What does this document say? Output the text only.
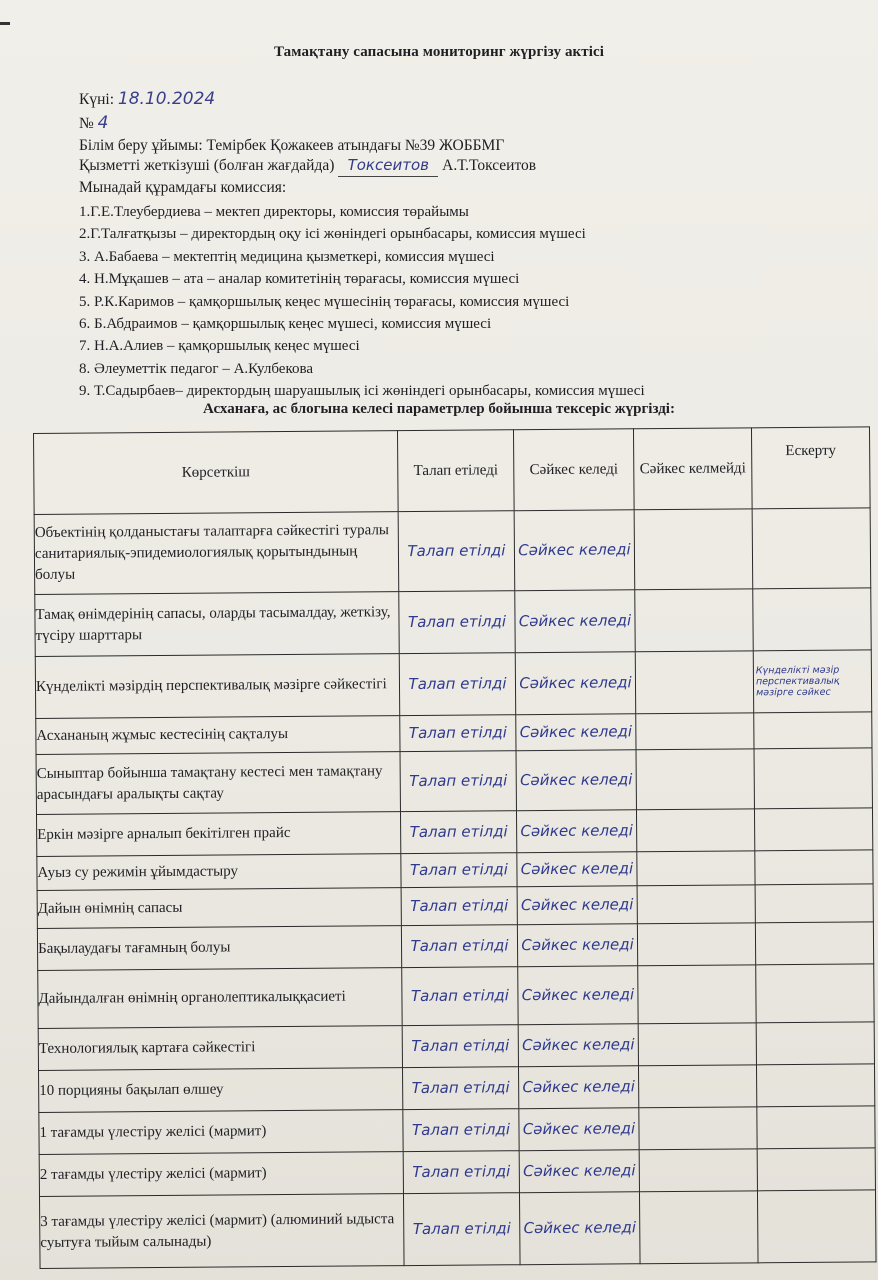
Тамақтану сапасына мониторинг жүргізу актісі
Күні: 18.10.2024
№ 4
Білім беру ұйымы: Темірбек Қожакеев атындағы №39 ЖОББМГ
Қызметті жеткізуші (болған жағдайда) Токсеитов А.Т.Токсеитов
Мынадай құрамдағы комиссия:
1.Г.Е.Тлеубердиева – мектеп директоры, комиссия төрайымы
2.Г.Талғатқызы – директордың оқу ісі жөніндегі орынбасары, комиссия мүшесі
3. А.Бабаева – мектептің медицина қызметкері, комиссия мүшесі
4. Н.Мұқашев – ата – аналар комитетінің төрағасы, комиссия мүшесі
5. Р.К.Каримов – қамқоршылық кеңес мүшесінің төрағасы, комиссия мүшесі
6. Б.Абдраимов – қамқоршылық кеңес мүшесі, комиссия мүшесі
7. Н.А.Алиев – қамқоршылық кеңес мүшесі
8. Әлеуметтік педагог – А.Кулбекова
9. Т.Садырбаев– директордың шаруашылық ісі жөніндегі орынбасары, комиссия мүшесі
Асханаға, ас блогына келесі параметрлер бойынша тексеріс жүргізді:
Көрсеткіш	Талап етіледі	Сәйкес келеді	Сәйкес келмейді	Ескерту
Объектінің қолданыстағы талаптарға сәйкестігі туралы санитариялық-эпидемиологиялық қорытындының болуы	Талап етілді	Сәйкес келеді		

Тамақ өнімдерінің сапасы, оларды тасымалдау, жеткізу, түсіру шарттары	Талап етілді	Сәйкес келеді		

Күнделікті мәзірдің перспективалық мәзірге сәйкестігі	Талап етілді	Сәйкес келеді		Күнделікті мәзір перспективалық мәзірге сәйкес

Асхананың жұмыс кестесінің сақталуы	Талап етілді	Сәйкес келеді		

Сыныптар бойынша тамақтану кестесі мен тамақтану арасындағы аралықты сақтау	Талап етілді	Сәйкес келеді		

Еркін мәзірге арналып бекітілген прайс	Талап етілді	Сәйкес келеді		

Ауыз су режимін ұйымдастыру	Талап етілді	Сәйкес келеді		

Дайын өнімнің сапасы	Талап етілді	Сәйкес келеді		

Бақылаудағы тағамның болуы	Талап етілді	Сәйкес келеді		

Дайындалған өнімнің органолептикалыққасиеті	Талап етілді	Сәйкес келеді		

Технологиялық картаға сәйкестігі	Талап етілді	Сәйкес келеді		

10 порцияны бақылап өлшеу	Талап етілді	Сәйкес келеді		

1 тағамды үлестіру желісі (мармит)	Талап етілді	Сәйкес келеді		

2 тағамды үлестіру желісі (мармит)	Талап етілді	Сәйкес келеді		

3 тағамды үлестіру желісі (мармит) (алюминий ыдыста суытуға тыйым салынады)	Талап етілді	Сәйкес келеді		
